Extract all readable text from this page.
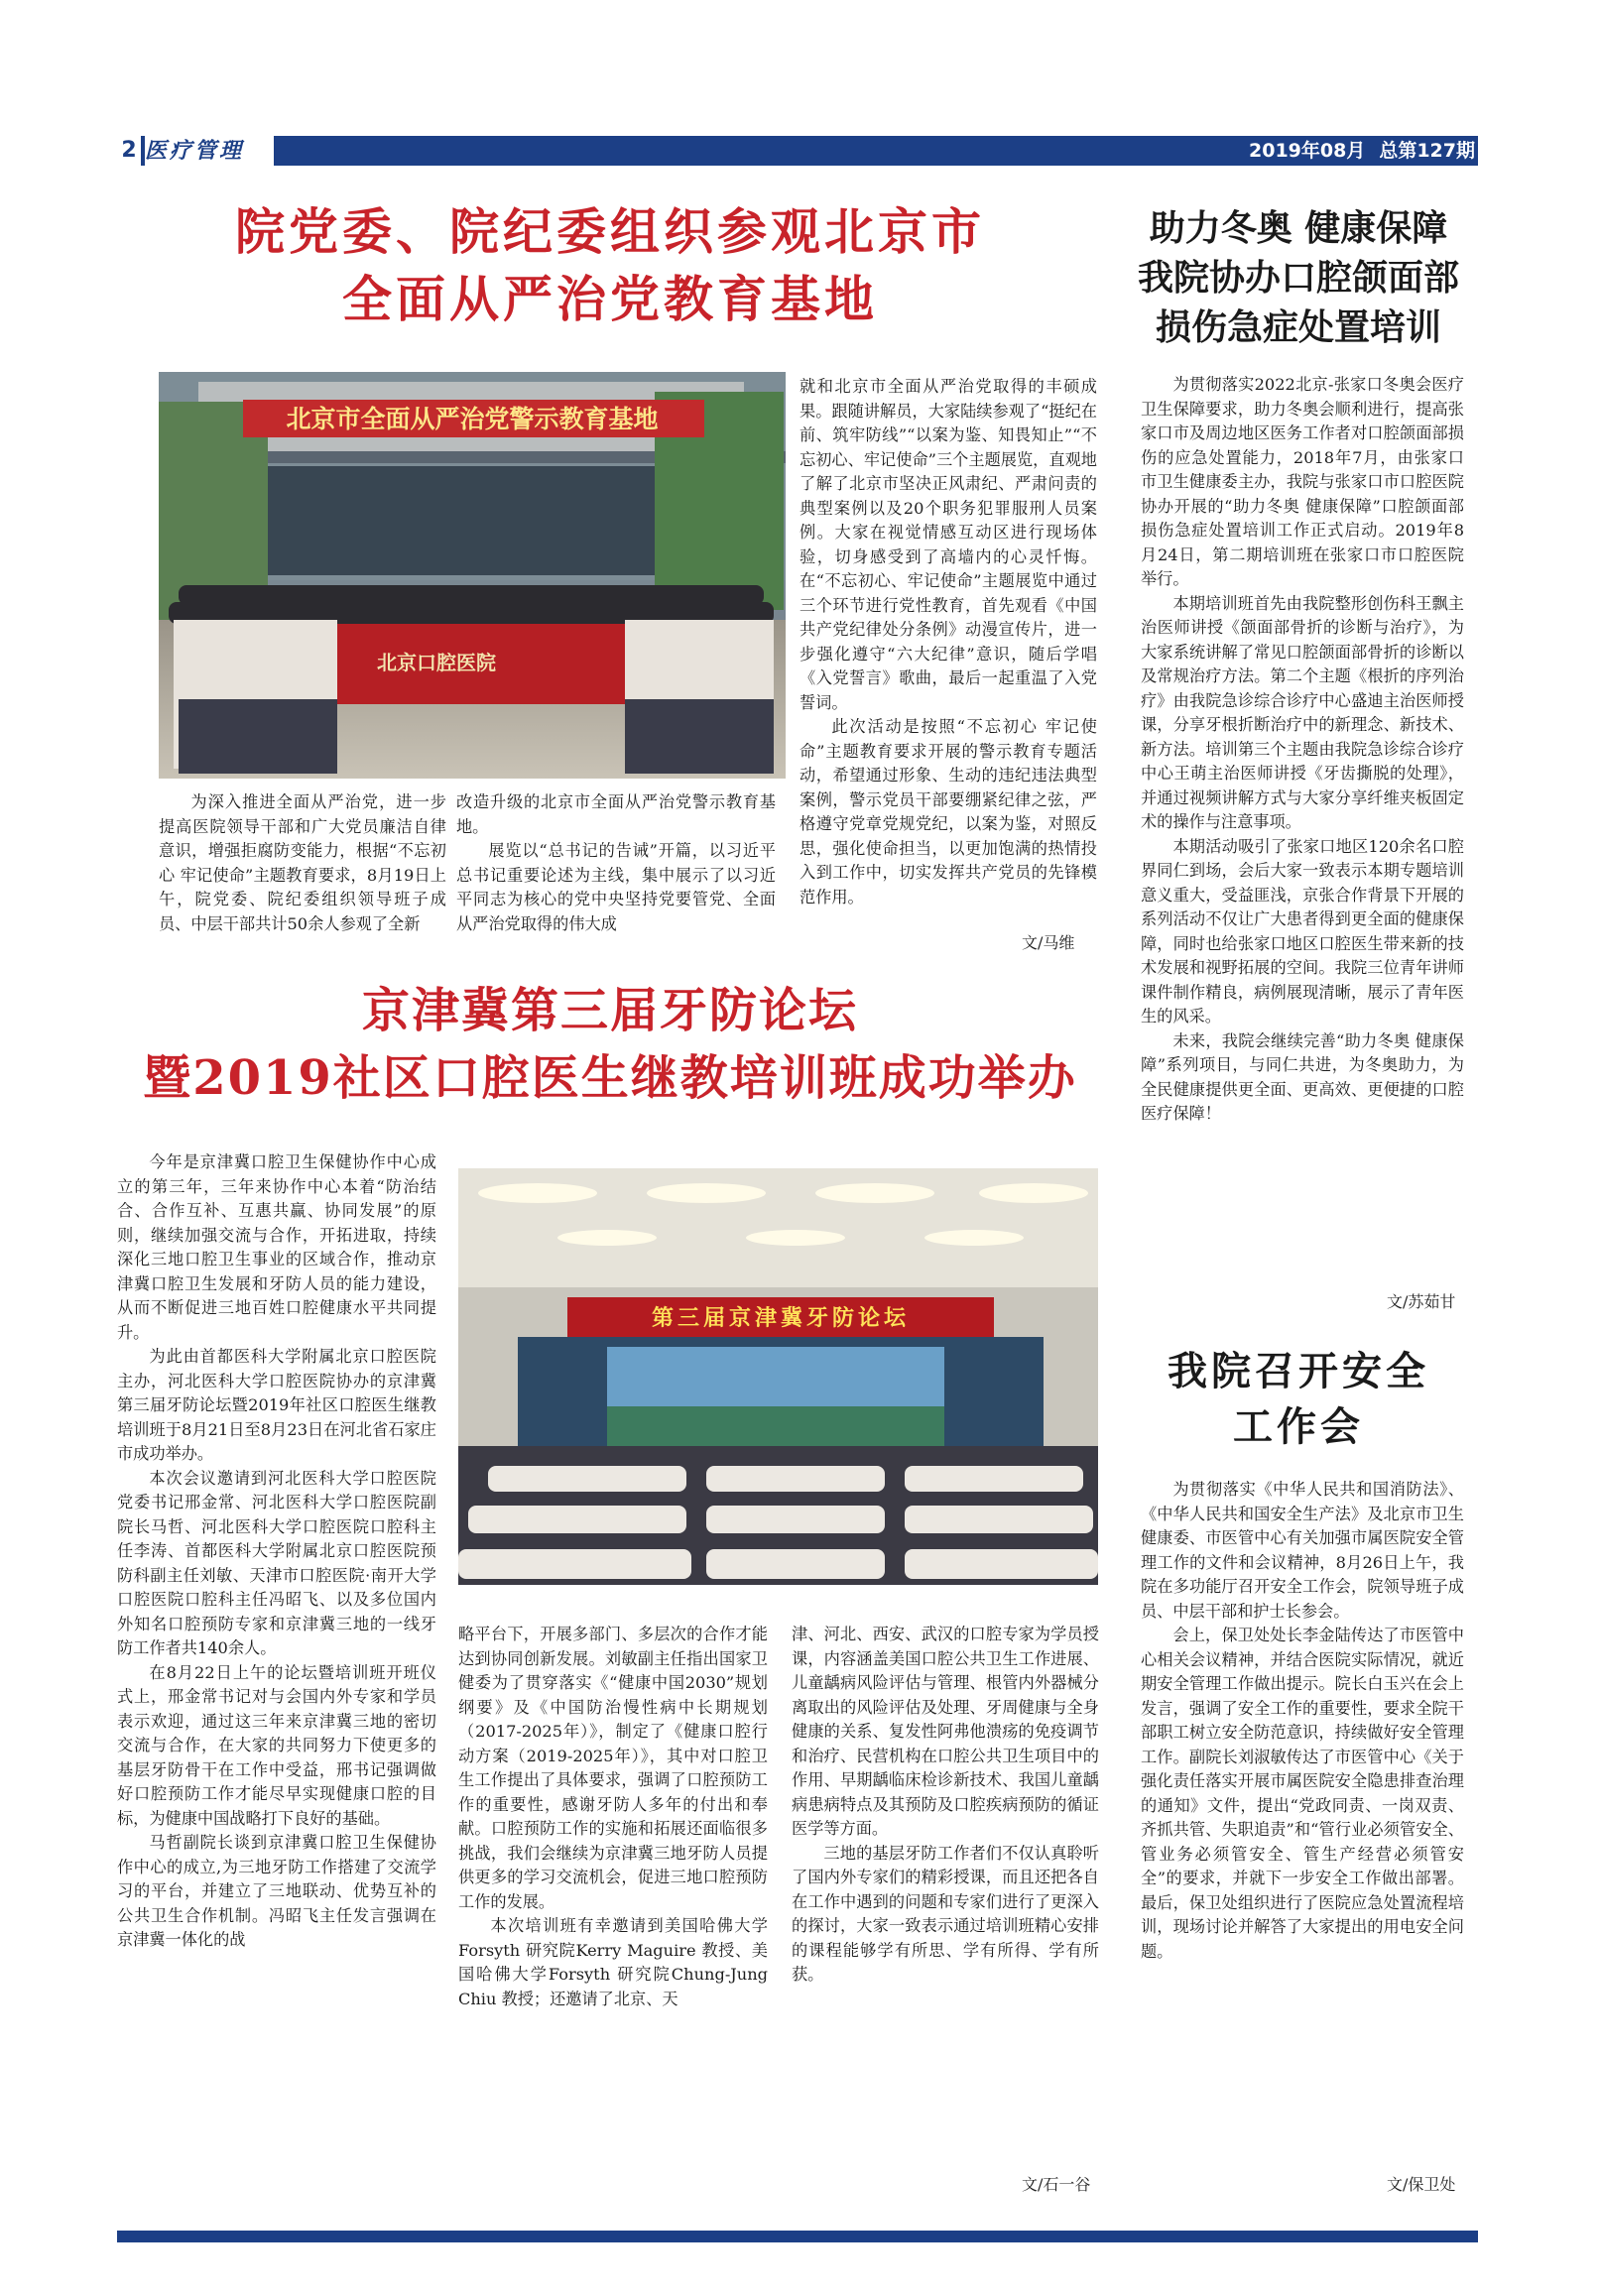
2 医疗管理	2019年08月 总第127期
院党委、院纪委组织参观北京市
全面从严治党教育基地
北京口腔医院
北京市全面从严治党警示教育基地

为深入推进全面从严治党，进一步提高医院领导干部和广大党员廉洁自律意识，增强拒腐防变能力，根据“不忘初心 牢记使命”主题教育要求，8月19日上午，院党委、院纪委组织领导班子成员、中层干部共计50余人参观了全新

改造升级的北京市全面从严治党警示教育基地。

展览以“总书记的告诫”开篇，以习近平总书记重要论述为主线，集中展示了以习近平同志为核心的党中央坚持党要管党、全面从严治党取得的伟大成

就和北京市全面从严治党取得的丰硕成果。跟随讲解员，大家陆续参观了“挺纪在前、筑牢防线”“以案为鉴、知畏知止”“不忘初心、牢记使命”三个主题展览，直观地了解了北京市坚决正风肃纪、严肃问责的典型案例以及20个职务犯罪服刑人员案例。大家在视觉情感互动区进行现场体验，切身感受到了高墙内的心灵忏悔。在“不忘初心、牢记使命”主题展览中通过三个环节进行党性教育，首先观看《中国共产党纪律处分条例》动漫宣传片，进一步强化遵守“六大纪律”意识，随后学唱《入党誓言》歌曲，最后一起重温了入党誓词。

此次活动是按照“不忘初心 牢记使命”主题教育要求开展的警示教育专题活动，希望通过形象、生动的违纪违法典型案例，警示党员干部要绷紧纪律之弦，严格遵守党章党规党纪，以案为鉴，对照反思，强化使命担当，以更加饱满的热情投入到工作中，切实发挥共产党员的先锋模范作用。

文/马维
京津冀第三届牙防论坛
暨2019社区口腔医生继教培训班成功举办
第三届京津冀牙防论坛

今年是京津冀口腔卫生保健协作中心成立的第三年，三年来协作中心本着“防治结合、合作互补、互惠共赢、协同发展”的原则，继续加强交流与合作，开拓进取，持续深化三地口腔卫生事业的区域合作，推动京津冀口腔卫生发展和牙防人员的能力建设，从而不断促进三地百姓口腔健康水平共同提升。

为此由首都医科大学附属北京口腔医院主办，河北医科大学口腔医院协办的京津冀第三届牙防论坛暨2019年社区口腔医生继教培训班于8月21日至8月23日在河北省石家庄市成功举办。

本次会议邀请到河北医科大学口腔医院党委书记邢金常、河北医科大学口腔医院副院长马哲、河北医科大学口腔医院口腔科主任李涛、首都医科大学附属北京口腔医院预防科副主任刘敏、天津市口腔医院·南开大学口腔医院口腔科主任冯昭飞、以及多位国内外知名口腔预防专家和京津冀三地的一线牙防工作者共140余人。

在8月22日上午的论坛暨培训班开班仪式上，邢金常书记对与会国内外专家和学员表示欢迎，通过这三年来京津冀三地的密切交流与合作，在大家的共同努力下使更多的基层牙防骨干在工作中受益，邢书记强调做好口腔预防工作才能尽早实现健康口腔的目标，为健康中国战略打下良好的基础。

马哲副院长谈到京津冀口腔卫生保健协作中心的成立,为三地牙防工作搭建了交流学习的平台，并建立了三地联动、优势互补的公共卫生合作机制。冯昭飞主任发言强调在京津冀一体化的战

略平台下，开展多部门、多层次的合作才能达到协同创新发展。刘敏副主任指出国家卫健委为了贯穿落实《“健康中国2030”规划纲要》及《中国防治慢性病中长期规划（2017-2025年）》，制定了《健康口腔行动方案（2019-2025年）》，其中对口腔卫生工作提出了具体要求，强调了口腔预防工作的重要性，感谢牙防人多年的付出和奉献。口腔预防工作的实施和拓展还面临很多挑战，我们会继续为京津冀三地牙防人员提供更多的学习交流机会，促进三地口腔预防工作的发展。

本次培训班有幸邀请到美国哈佛大学Forsyth 研究院Kerry Maguire 教授、美国哈佛大学Forsyth 研究院Chung-Jung Chiu 教授；还邀请了北京、天

津、河北、西安、武汉的口腔专家为学员授课，内容涵盖美国口腔公共卫生工作进展、儿童龋病风险评估与管理、根管内外器械分离取出的风险评估及处理、牙周健康与全身健康的关系、复发性阿弗他溃疡的免疫调节和治疗、民营机构在口腔公共卫生项目中的作用、早期龋临床检诊新技术、我国儿童龋病患病特点及其预防及口腔疾病预防的循证医学等方面。

三地的基层牙防工作者们不仅认真聆听了国内外专家们的精彩授课，而且还把各自在工作中遇到的问题和专家们进行了更深入的探讨，大家一致表示通过培训班精心安排的课程能够学有所思、学有所得、学有所获。

文/石一谷
助力冬奥 健康保障
我院协办口腔颌面部
损伤急症处置培训

为贯彻落实2022北京-张家口冬奥会医疗卫生保障要求，助力冬奥会顺利进行，提高张家口市及周边地区医务工作者对口腔颌面部损伤的应急处置能力，2018年7月，由张家口市卫生健康委主办，我院与张家口市口腔医院协办开展的“助力冬奥 健康保障”口腔颌面部损伤急症处置培训工作正式启动。2019年8月24日，第二期培训班在张家口市口腔医院举行。

本期培训班首先由我院整形创伤科王飘主治医师讲授《颌面部骨折的诊断与治疗》，为大家系统讲解了常见口腔颌面部骨折的诊断以及常规治疗方法。第二个主题《根折的序列治疗》由我院急诊综合诊疗中心盛迪主治医师授课，分享牙根折断治疗中的新理念、新技术、新方法。培训第三个主题由我院急诊综合诊疗中心王萌主治医师讲授《牙齿撕脱的处理》，并通过视频讲解方式与大家分享纤维夹板固定术的操作与注意事项。

本期活动吸引了张家口地区120余名口腔界同仁到场，会后大家一致表示本期专题培训意义重大，受益匪浅，京张合作背景下开展的系列活动不仅让广大患者得到更全面的健康保障，同时也给张家口地区口腔医生带来新的技术发展和视野拓展的空间。我院三位青年讲师课件制作精良，病例展现清晰，展示了青年医生的风采。

未来，我院会继续完善“助力冬奥 健康保障”系列项目，与同仁共进，为冬奥助力，为全民健康提供更全面、更高效、更便捷的口腔医疗保障！

文/苏茹甘
我院召开安全
工作会

为贯彻落实《中华人民共和国消防法》、《中华人民共和国安全生产法》及北京市卫生健康委、市医管中心有关加强市属医院安全管理工作的文件和会议精神，8月26日上午，我院在多功能厅召开安全工作会，院领导班子成员、中层干部和护士长参会。

会上，保卫处处长李金陆传达了市医管中心相关会议精神，并结合医院实际情况，就近期安全管理工作做出提示。院长白玉兴在会上发言，强调了安全工作的重要性，要求全院干部职工树立安全防范意识，持续做好安全管理工作。副院长刘淑敏传达了市医管中心《关于强化责任落实开展市属医院安全隐患排查治理的通知》文件，提出“党政同责、一岗双责、齐抓共管、失职追责”和“管行业必须管安全、管业务必须管安全、管生产经营必须管安全”的要求，并就下一步安全工作做出部署。最后，保卫处组织进行了医院应急处置流程培训，现场讨论并解答了大家提出的用电安全问题。

文/保卫处
